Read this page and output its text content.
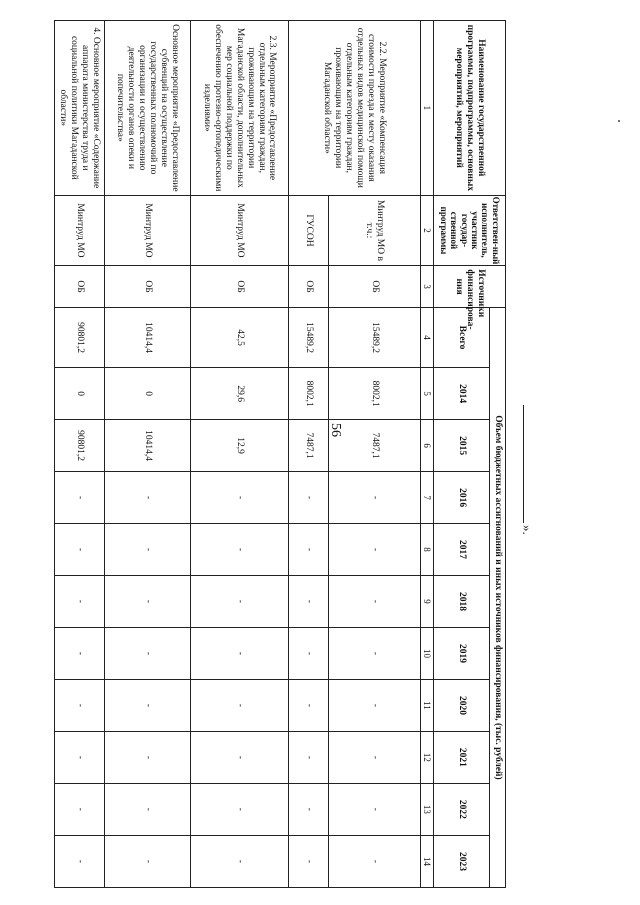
56
».
Наименование государственной программы, подпрограммы, основных мероприятий, мероприятий	Ответствен-ный исполнитель, участник государ-ственной программы	Источники финансирова-ния	Объем бюджетных ассигнований и иных источников финансирования, (тыс. рублей)										
			Всего	2014	2015	2016	2017	2018	2019	2020	2021	2022	2023
1	2	3	4	5	6	7	8	9	10	11	12	13	14
2.2. Мероприятие «Компенсация стоимости проезда к месту оказания отдельных видов медицинской помощи отдельным категориям граждан, проживающим на территории Магаданской области»	Минтруд МО в т.ч.:	ОБ	15489,2	8002,1	7487,1	-	-	-	-	-	-	-	-
	ГУСОН	ОБ	15489,2	8002,1	7487,1	-	-	-	-	-	-	-	-
2.3. Мероприятие «Предоставление отдельным категориям граждан, проживающим на территории Магаданской области, дополнительных мер социальной поддержки по обеспечению протезно-ортопедическими изделиями»	Минтруд МО	ОБ	42,5	29,6	12,9	-	-	-	-	-	-	-	-
Основное мероприятие «Предоставление субвенций на осуществление государственных полномочий по организации и осуществлению деятельности органов опеки и попечительства»	Минтруд МО	ОБ	10414,4	0	10414,4	-	-	-	-	-	-	-	-
4. Основное мероприятие «Содержание аппарата министерства труда и социальной политики Магаданской области»	Минтруд МО	ОБ	90801,2	0	90801,2	-	-	-	-	-	-	-	-
